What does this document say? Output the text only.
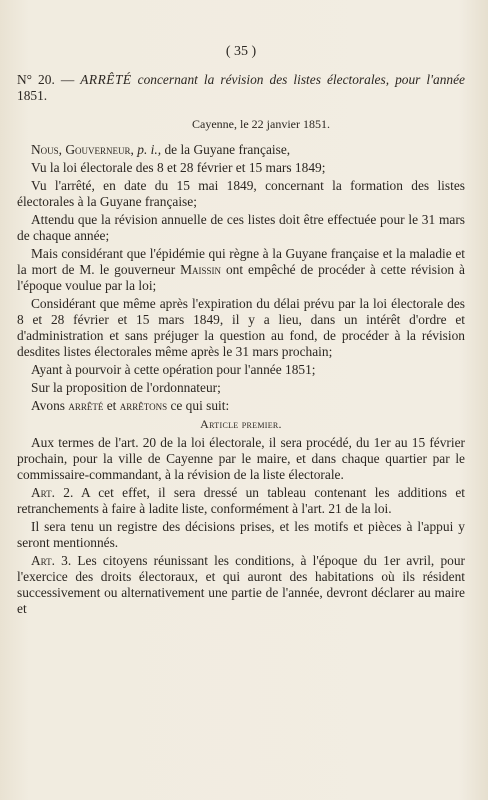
( 35 )
N° 20. — ARRÊTÉ concernant la révision des listes électorales, pour l'année 1851.
Cayenne, le 22 janvier 1851.

Nous, Gouverneur, p. i., de la Guyane française,

Vu la loi électorale des 8 et 28 février et 15 mars 1849;

Vu l'arrêté, en date du 15 mai 1849, concernant la formation des listes électorales à la Guyane française;

Attendu que la révision annuelle de ces listes doit être effectuée pour le 31 mars de chaque année;

Mais considérant que l'épidémie qui règne à la Guyane française et la maladie et la mort de M. le gouverneur Maissin ont empêché de procéder à cette révision à l'époque voulue par la loi;

Considérant que même après l'expiration du délai prévu par la loi électorale des 8 et 28 février et 15 mars 1849, il y a lieu, dans un intérêt d'ordre et d'administration et sans préjuger la question au fond, de procéder à la révision desdites listes électorales même après le 31 mars prochain;

Ayant à pourvoir à cette opération pour l'année 1851;

Sur la proposition de l'ordonnateur;

Avons arrêté et arrêtons ce qui suit:

Article premier.

Aux termes de l'art. 20 de la loi électorale, il sera procédé, du 1er au 15 février prochain, pour la ville de Cayenne par le maire, et dans chaque quartier par le commissaire-commandant, à la révision de la liste électorale.

Art. 2. A cet effet, il sera dressé un tableau contenant les additions et retranchements à faire à ladite liste, conformément à l'art. 21 de la loi.

Il sera tenu un registre des décisions prises, et les motifs et pièces à l'appui y seront mentionnés.

Art. 3. Les citoyens réunissant les conditions, à l'époque du 1er avril, pour l'exercice des droits électoraux, et qui auront des habitations où ils résident successivement ou alternativement une partie de l'année, devront déclarer au maire et
